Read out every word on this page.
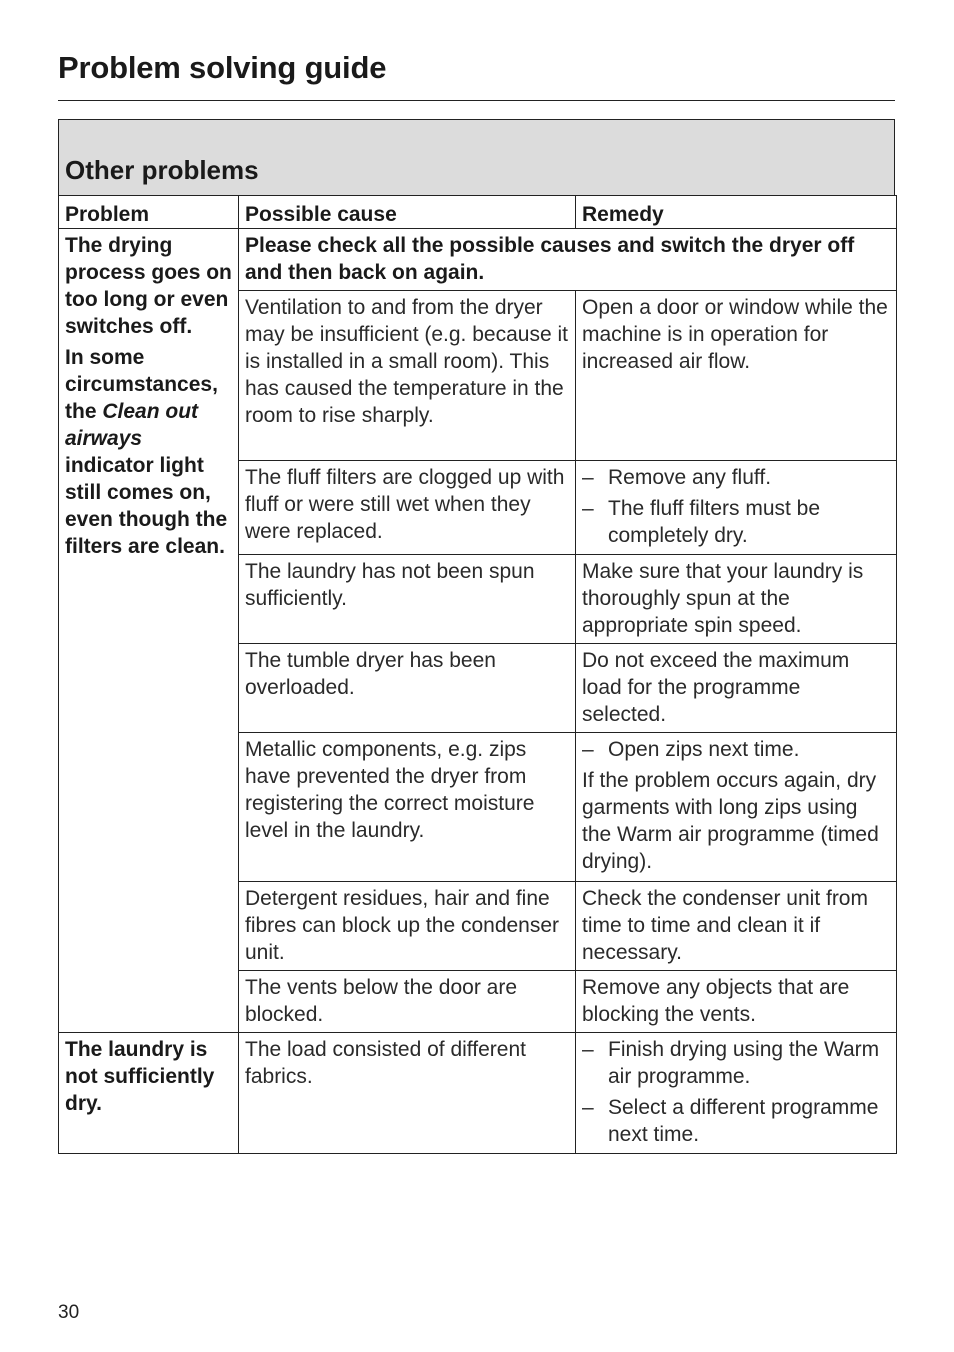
Problem solving guide
Other problems
Problem	Possible cause	Remedy

The drying process goes on too long or even switches off.

In some circumstances, the Clean out airways indicator light still comes on, even though the filters are clean.	Please check all the possible causes and switch the dryer off and then back on again.	
	Ventilation to and from the dryer may be insufficient (e.g. because it is installed in a small room). This has caused the temperature in the room to rise sharply.	Open a door or window while the machine is in operation for increased air flow.
	The fluff filters are clogged up with fluff or were still wet when they were replaced.	– Remove any fluff.
– The fluff filters must be completely dry.

	The laundry has not been spun sufficiently.	Make sure that your laundry is thoroughly spun at the appropriate spin speed.
	The tumble dryer has been overloaded.	Do not exceed the maximum load for the programme selected.
	Metallic components, e.g. zips have prevented the dryer from registering the correct moisture level in the laundry.	– Open zips next time.

If the problem occurs again, dry garments with long zips using the Warm air programme (timed drying).

	Detergent residues, hair and fine fibres can block up the condenser unit.	Check the condenser unit from time to time and clean it if necessary.
	The vents below the door are blocked.	Remove any objects that are blocking the vents.

The laundry is not sufficiently dry.	The load consisted of different fabrics.	– Finish drying using the Warm air programme.
– Select a different programme next time.
30
